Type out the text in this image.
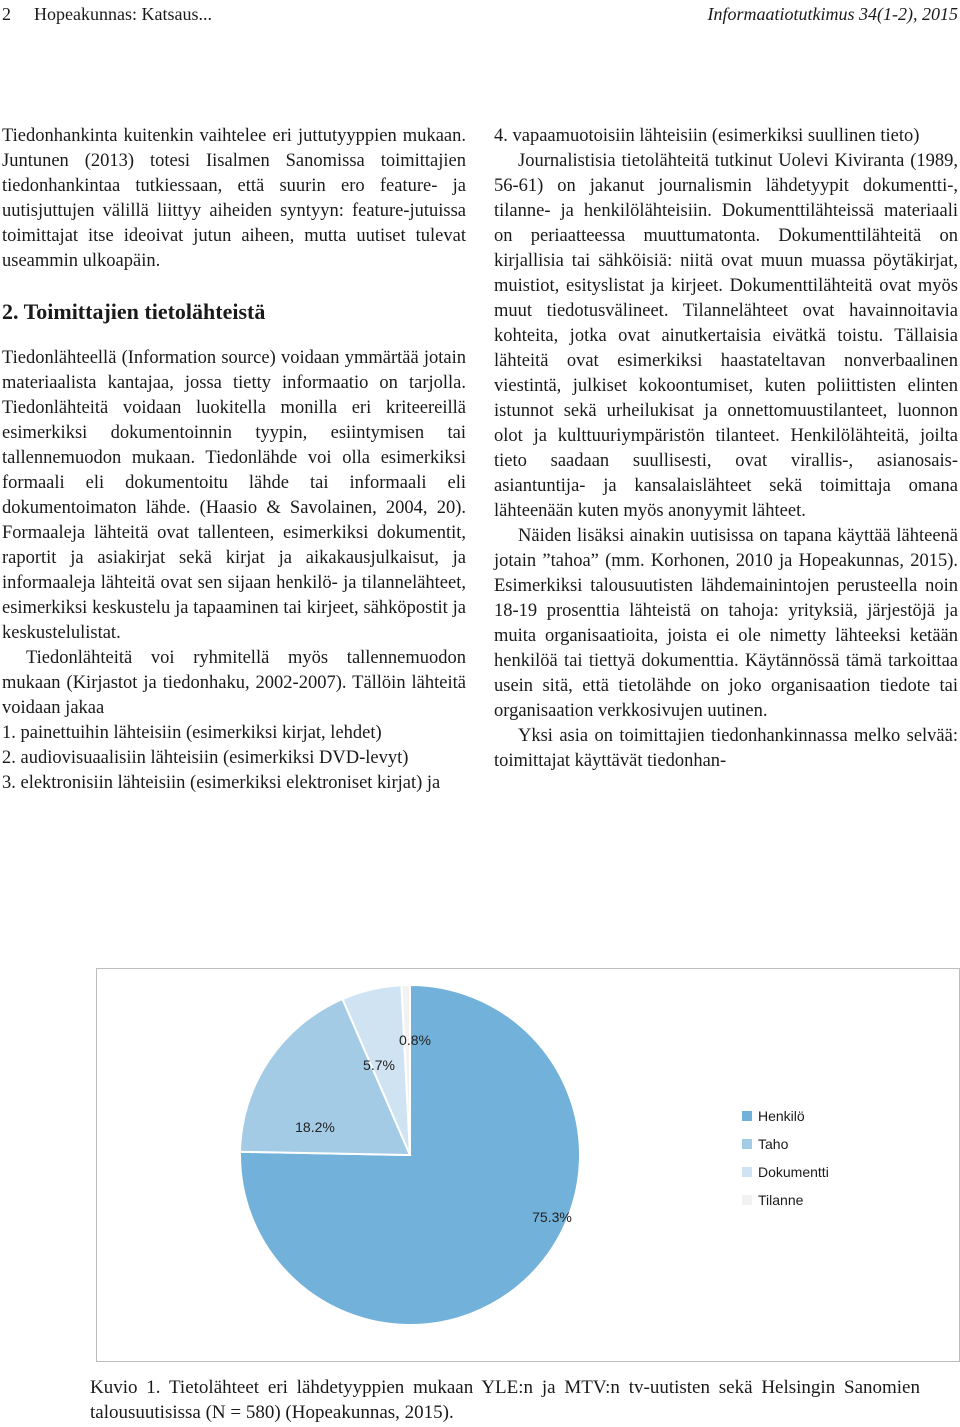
2 Hopeakunnas: Katsaus...	Informaatiotutkimus 34(1-2), 2015

Tiedonhankinta kuitenkin vaihtelee eri juttutyyppien mukaan. Juntunen (2013) totesi Iisalmen Sanomissa toimittajien tiedonhankintaa tutkiessaan, että suurin ero feature- ja uutisjuttujen välillä liittyy aiheiden syntyyn: feature-jutuissa toimittajat itse ideoivat jutun aiheen, mutta uutiset tulevat useammin ulkoapäin.

2. Toimittajien tietolähteistä

Tiedonlähteellä (Information source) voidaan ymmärtää jotain materiaalista kantajaa, jossa tietty informaatio on tarjolla. Tiedonlähteitä voidaan luokitella monilla eri kriteereillä esimerkiksi dokumentoinnin tyypin, esiintymisen tai tallennemuodon mukaan. Tiedonlähde voi olla esimerkiksi formaali eli dokumentoitu lähde tai informaali eli dokumentoimaton lähde. (Haasio & Savolainen, 2004, 20). Formaaleja lähteitä ovat tallenteen, esimerkiksi dokumentit, raportit ja asiakirjat sekä kirjat ja aikakausjulkaisut, ja informaaleja lähteitä ovat sen sijaan henkilö- ja tilannelähteet, esimerkiksi keskustelu ja tapaaminen tai kirjeet, sähköpostit ja keskustelulistat.

Tiedonlähteitä voi ryhmitellä myös tallennemuodon mukaan (Kirjastot ja tiedonhaku, 2002-2007). Tällöin lähteitä voidaan jakaa

1. painettuihin lähteisiin (esimerkiksi kirjat, lehdet)
2. audiovisuaalisiin lähteisiin (esimerkiksi DVD-levyt)
3. elektronisiin lähteisiin (esimerkiksi elektroniset kirjat) ja
4. vapaamuotoisiin lähteisiin (esimerkiksi suullinen tieto)

Journalistisia tietolähteitä tutkinut Uolevi Kiviranta (1989, 56-61) on jakanut journalismin lähdetyypit dokumentti-, tilanne- ja henkilölähteisiin. Dokumenttilähteissä materiaali on periaatteessa muuttumatonta. Dokumenttilähteitä on kirjallisia tai sähköisiä: niitä ovat muun muassa pöytäkirjat, muistiot, esityslistat ja kirjeet. Dokumenttilähteitä ovat myös muut tiedotusvälineet. Tilannelähteet ovat havainnoitavia kohteita, jotka ovat ainutkertaisia eivätkä toistu. Tällaisia lähteitä ovat esimerkiksi haastateltavan nonverbaalinen viestintä, julkiset kokoontumiset, kuten poliittisten elinten istunnot sekä urheilukisat ja onnettomuustilanteet, luonnon olot ja kulttuuriympäristön tilanteet. Henkilölähteitä, joilta tieto saadaan suullisesti, ovat virallis-, asianosais- asiantuntija- ja kansalaislähteet sekä toimittaja omana lähteenään kuten myös anonyymit lähteet.

Näiden lisäksi ainakin uutisissa on tapana käyttää lähteenä jotain ”tahoa” (mm. Korhonen, 2010 ja Hopeakunnas, 2015). Esimerkiksi talousuutisten lähdemainintojen perusteella noin 18-19 prosenttia lähteistä on tahoja: yrityksiä, järjestöjä ja muita organisaatioita, joista ei ole nimetty lähteeksi ketään henkilöä tai tiettyä dokumenttia. Käytännössä tämä tarkoittaa usein sitä, että tietolähde on joko organisaation tiedote tai organisaation verkkosivujen uutinen.

Yksi asia on toimittajien tiedonhankinnassa melko selvää: toimittajat käyttävät tiedonhan-

75.3%
18.2%
5.7%
0.8%
Henkilö
Taho
Dokumentti
Tilanne
Kuvio 1. Tietolähteet eri lähdetyyppien mukaan YLE:n ja MTV:n tv-uutisten sekä Helsingin Sanomien talousuutisissa (N = 580) (Hopeakunnas, 2015).
